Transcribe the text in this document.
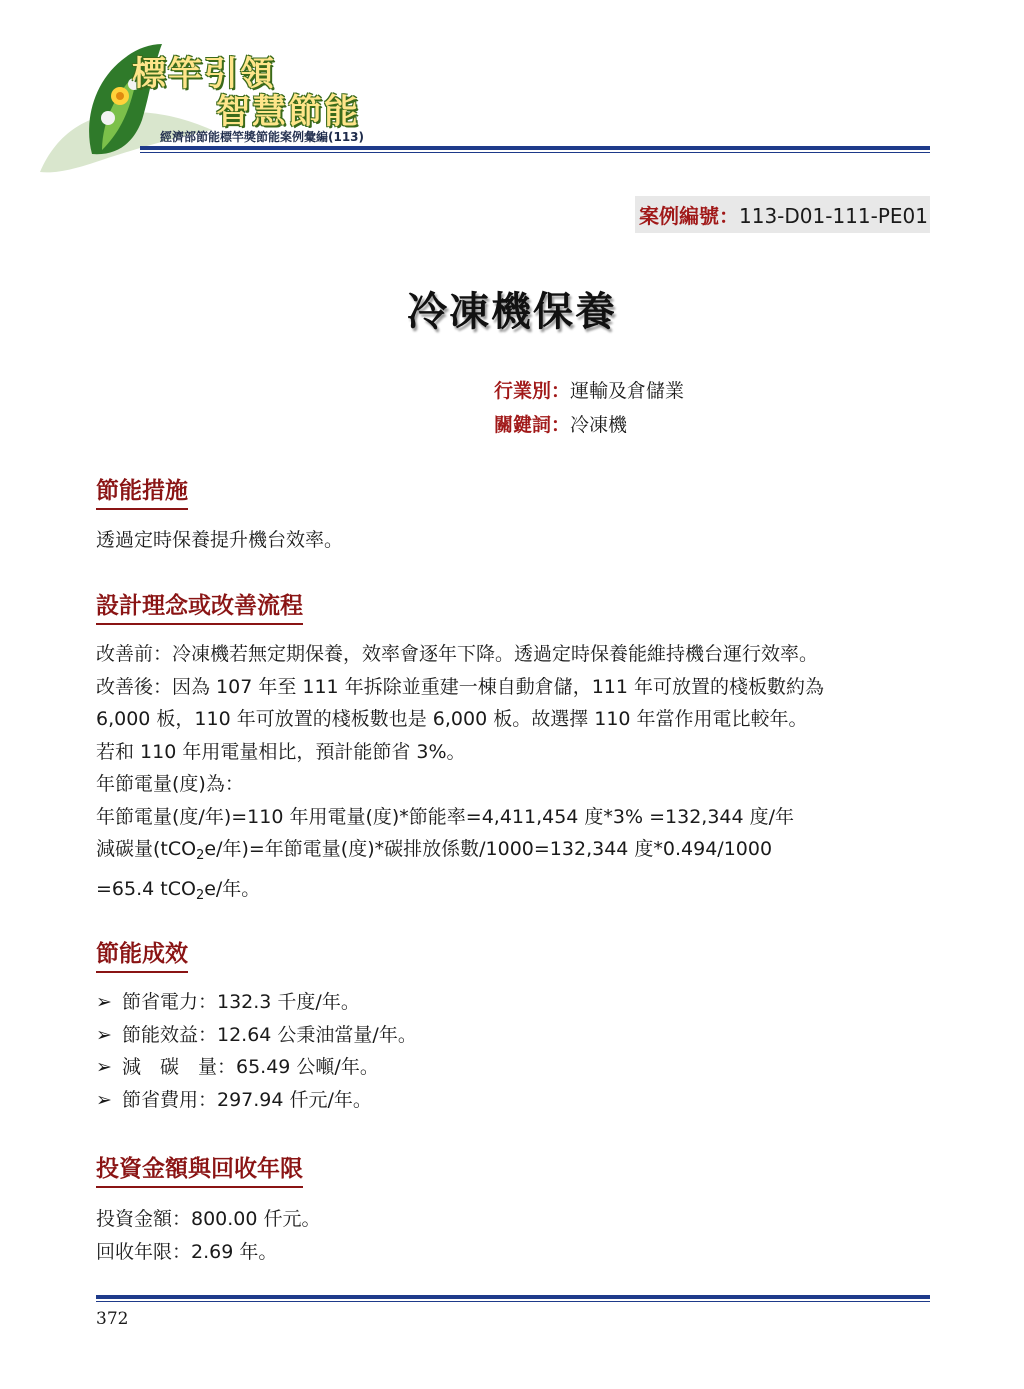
標竿引領
智慧節能
經濟部節能標竿獎節能案例彙編(113)
案例編號：113-D01-111-PE01
冷凍機保養
行業別：運輸及倉儲業
關鍵詞：冷凍機
節能措施
透過定時保養提升機台效率。
設計理念或改善流程
改善前：冷凍機若無定期保養，效率會逐年下降。透過定時保養能維持機台運行效率。
改善後：因為 107 年至 111 年拆除並重建一棟自動倉儲，111 年可放置的棧板數約為
6,000 板，110 年可放置的棧板數也是 6,000 板。故選擇 110 年當作用電比較年。
若和 110 年用電量相比，預計能節省 3%。
年節電量(度)為：
年節電量(度/年)=110 年用電量(度)*節能率=4,411,454 度*3% =132,344 度/年
減碳量(tCO$_2$e/年)=年節電量(度)*碳排放係數/1000=132,344 度*0.494/1000
=65.4 tCO$_2$e/年。
節能成效
➢ 節省電力：132.3 千度/年。
➢ 節能效益：12.64 公秉油當量/年。
➢ 減　碳　量：65.49 公噸/年。
➢ 節省費用：297.94 仟元/年。
投資金額與回收年限
投資金額：800.00 仟元。
回收年限：2.69 年。
372
